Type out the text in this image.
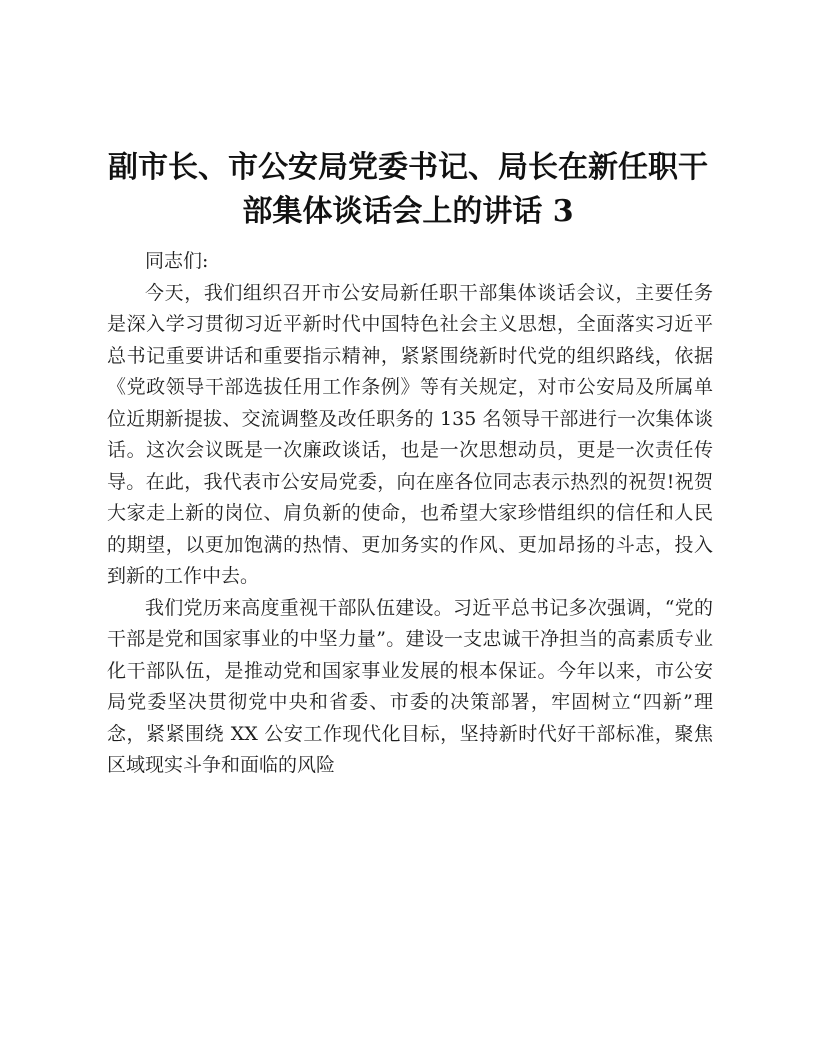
副市长、市公安局党委书记、局长在新任职干
部集体谈话会上的讲话 3

同志们:

今天，我们组织召开市公安局新任职干部集体谈话会议，主要任务是深入学习贯彻习近平新时代中国特色社会主义思想，全面落实习近平总书记重要讲话和重要指示精神，紧紧围绕新时代党的组织路线，依据《党政领导干部选拔任用工作条例》等有关规定，对市公安局及所属单位近期新提拔、交流调整及改任职务的 135 名领导干部进行一次集体谈话。这次会议既是一次廉政谈话，也是一次思想动员，更是一次责任传导。在此，我代表市公安局党委，向在座各位同志表示热烈的祝贺!祝贺大家走上新的岗位、肩负新的使命，也希望大家珍惜组织的信任和人民的期望，以更加饱满的热情、更加务实的作风、更加昂扬的斗志，投入到新的工作中去。

我们党历来高度重视干部队伍建设。习近平总书记多次强调，“党的干部是党和国家事业的中坚力量”。建设一支忠诚干净担当的高素质专业化干部队伍，是推动党和国家事业发展的根本保证。今年以来，市公安局党委坚决贯彻党中央和省委、市委的决策部署，牢固树立“四新”理念，紧紧围绕 XX 公安工作现代化目标，坚持新时代好干部标准，聚焦区域现实斗争和面临的风险
